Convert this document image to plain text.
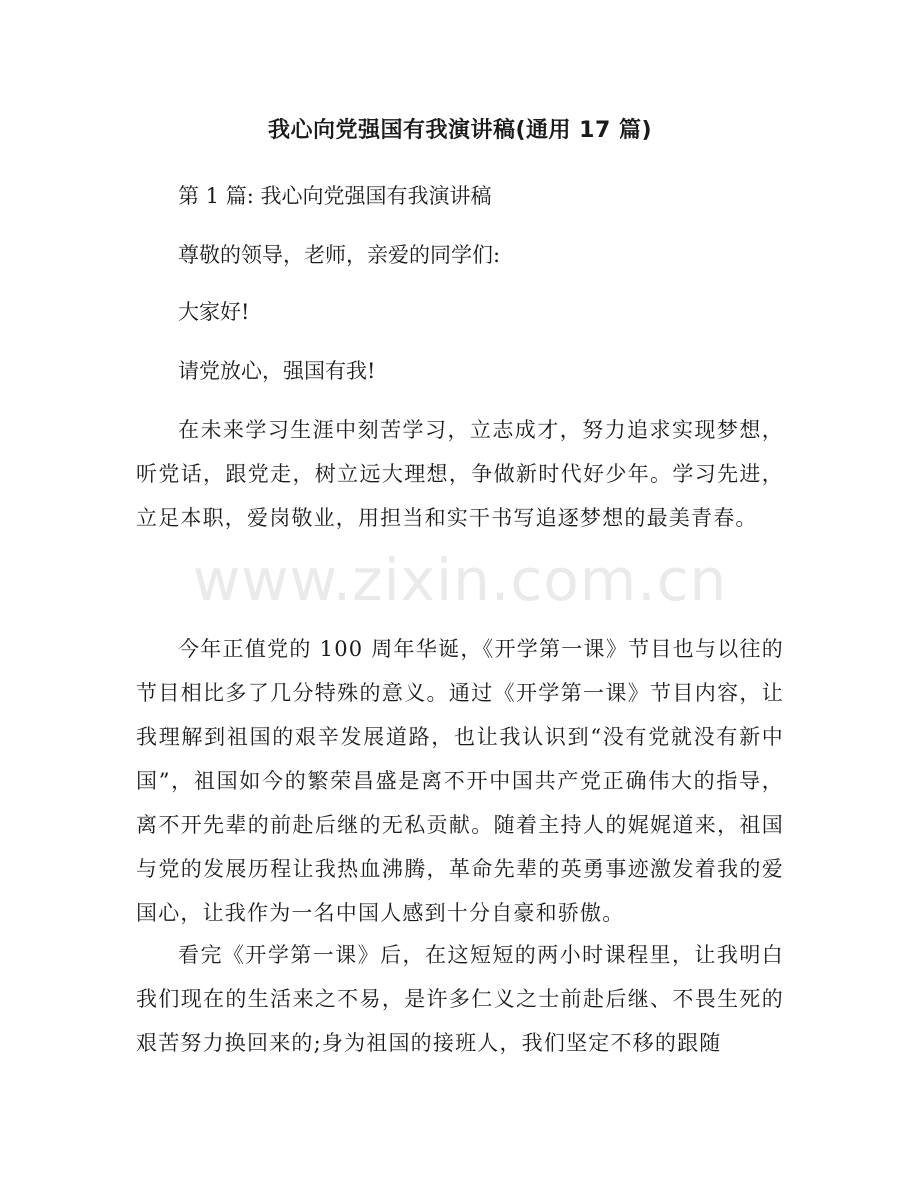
我心向党强国有我演讲稿(通用 17 篇)

第 1 篇: 我心向党强国有我演讲稿

尊敬的领导，老师，亲爱的同学们:

大家好!

请党放心，强国有我!

在未来学习生涯中刻苦学习，立志成才，努力追求实现梦想，听党话，跟党走，树立远大理想，争做新时代好少年。学习先进，立足本职，爱岗敬业，用担当和实干书写追逐梦想的最美青春。

今年正值党的 100 周年华诞，《开学第一课》节目也与以往的节目相比多了几分特殊的意义。通过《开学第一课》节目内容，让我理解到祖国的艰辛发展道路，也让我认识到“没有党就没有新中国”，祖国如今的繁荣昌盛是离不开中国共产党正确伟大的指导，离不开先辈的前赴后继的无私贡献。随着主持人的娓娓道来，祖国与党的发展历程让我热血沸腾，革命先辈的英勇事迹激发着我的爱国心，让我作为一名中国人感到十分自豪和骄傲。

看完《开学第一课》后，在这短短的两小时课程里，让我明白我们现在的生活来之不易，是许多仁义之士前赴后继、不畏生死的艰苦努力换回来的;身为祖国的接班人，我们坚定不移的跟随

www.zixin.com.cn
